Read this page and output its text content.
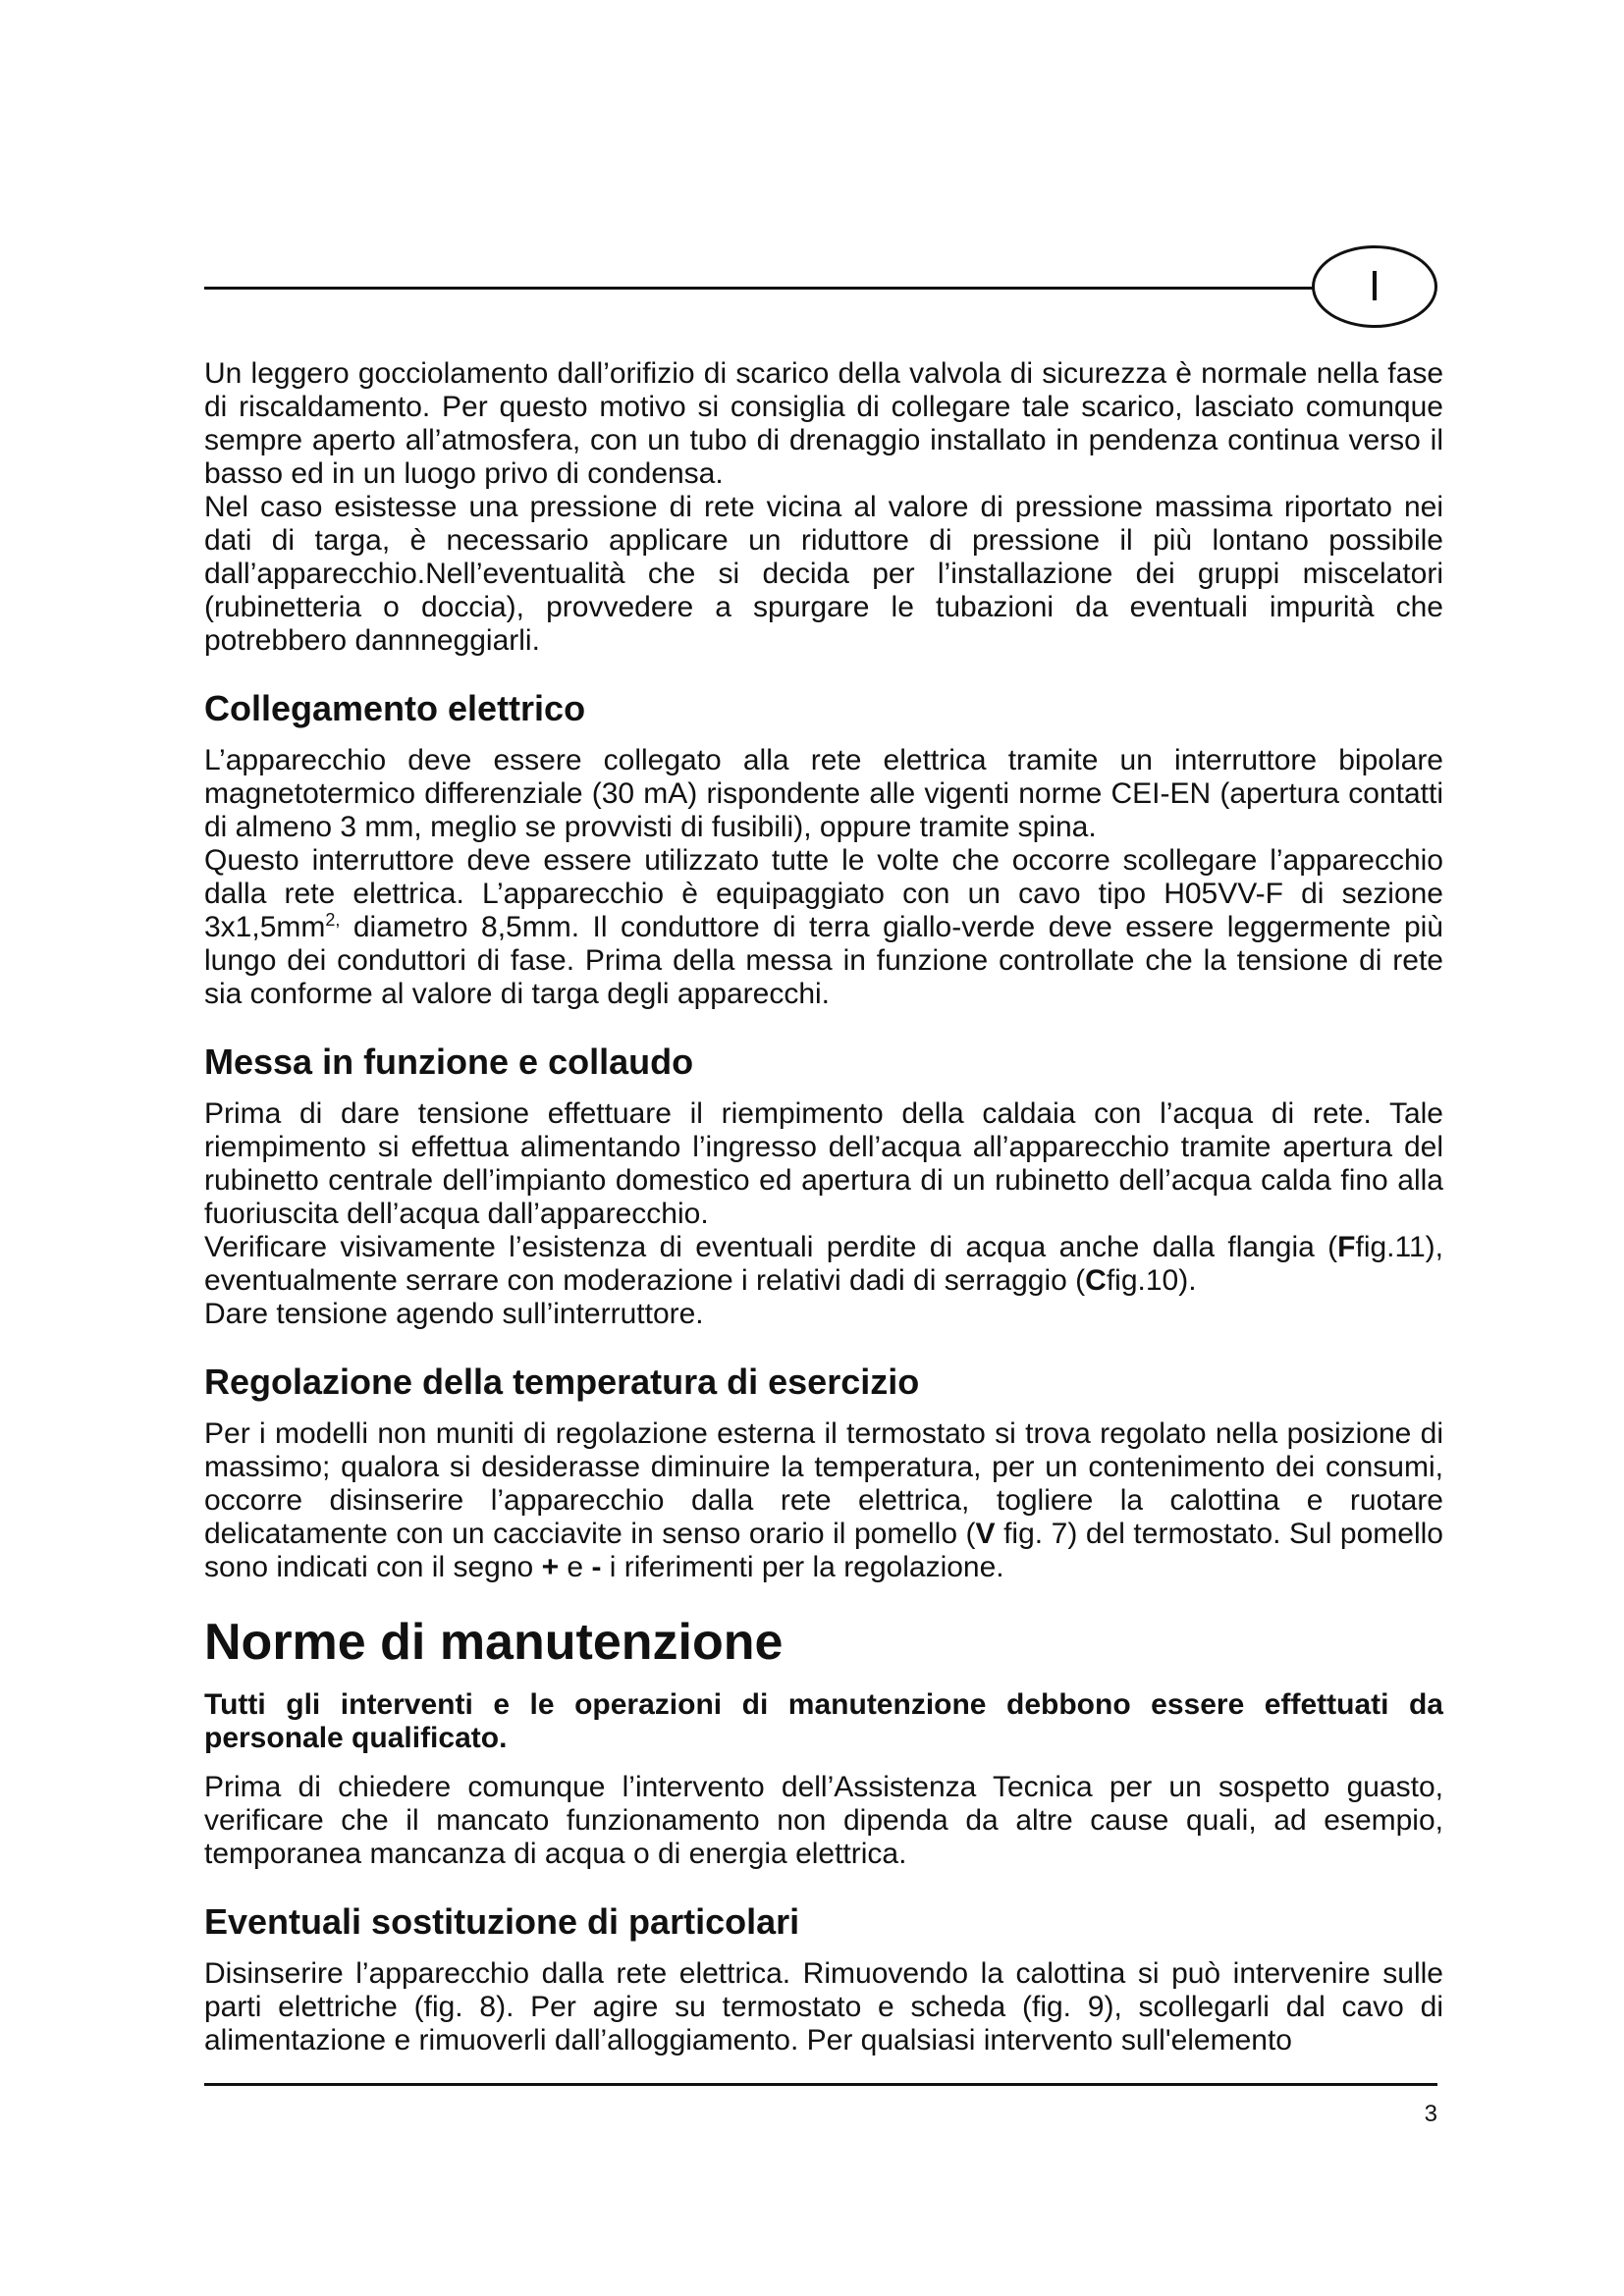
I

Un leggero gocciolamento dall’orifizio di scarico della valvola di sicurezza è normale nella fase di riscaldamento. Per questo motivo si consiglia di collegare tale scarico, lasciato comunque sempre aperto all’atmosfera, con un tubo di drenaggio installato in pendenza continua verso il basso ed in un luogo privo di condensa.

Nel caso esistesse una pressione di rete vicina al valore di pressione massima riportato nei dati di targa, è necessario applicare un riduttore di pressione il più lontano possibile dall’apparecchio.Nell’eventualità che si decida per l’installazione dei gruppi miscelatori (rubinetteria o doccia), provvedere a spurgare le tubazioni da eventuali impurità che potrebbero dannneggiarli.

Collegamento elettrico

L’apparecchio deve essere collegato alla rete elettrica tramite un interruttore bipolare magnetotermico differenziale (30 mA) rispondente alle vigenti norme CEI-EN (apertura contatti di almeno 3 mm, meglio se provvisti di fusibili), oppure tramite spina.

Questo interruttore deve essere utilizzato tutte le volte che occorre scollegare l’apparecchio dalla rete elettrica. L’apparecchio è equipaggiato con un cavo tipo H05VV-F di sezione $3x1,5mm^{2,}$ diametro 8,5mm. Il conduttore di terra giallo-verde deve essere leggermente più lungo dei conduttori di fase. Prima della messa in funzione controllate che la tensione di rete sia conforme al valore di targa degli apparecchi.

Messa in funzione e collaudo

Prima di dare tensione effettuare il riempimento della caldaia con l’acqua di rete. Tale riempimento si effettua alimentando l’ingresso dell’acqua all’apparecchio tramite apertura del rubinetto centrale dell’impianto domestico ed apertura di un rubinetto dell’acqua calda fino alla fuoriuscita dell’acqua dall’apparecchio.

Verificare visivamente l’esistenza di eventuali perdite di acqua anche dalla flangia (Ffig.11), eventualmente serrare con moderazione i relativi dadi di serraggio (Cfig.10).

Dare tensione agendo sull’interruttore.

Regolazione della temperatura di esercizio

Per i modelli non muniti di regolazione esterna il termostato si trova regolato nella posizione di massimo; qualora si desiderasse diminuire la temperatura, per un contenimento dei consumi, occorre disinserire l’apparecchio dalla rete elettrica, togliere la calottina e ruotare delicatamente con un cacciavite in senso orario il pomello (V fig. 7) del termostato. Sul pomello sono indicati con il segno + e - i riferimenti per la regolazione.

Norme di manutenzione

Tutti gli interventi e le operazioni di manutenzione debbono essere effettuati da personale qualificato.

Prima di chiedere comunque l’intervento dell’Assistenza Tecnica per un sospetto guasto, verificare che il mancato funzionamento non dipenda da altre cause quali, ad esempio, temporanea mancanza di acqua o di energia elettrica.

Eventuali sostituzione di particolari

Disinserire l’apparecchio dalla rete elettrica. Rimuovendo la calottina si può intervenire sulle parti elettriche (fig. 8). Per agire su termostato e scheda (fig. 9), scollegarli dal cavo di alimentazione e rimuoverli dall’alloggiamento. Per qualsiasi intervento sull'elemento

3
